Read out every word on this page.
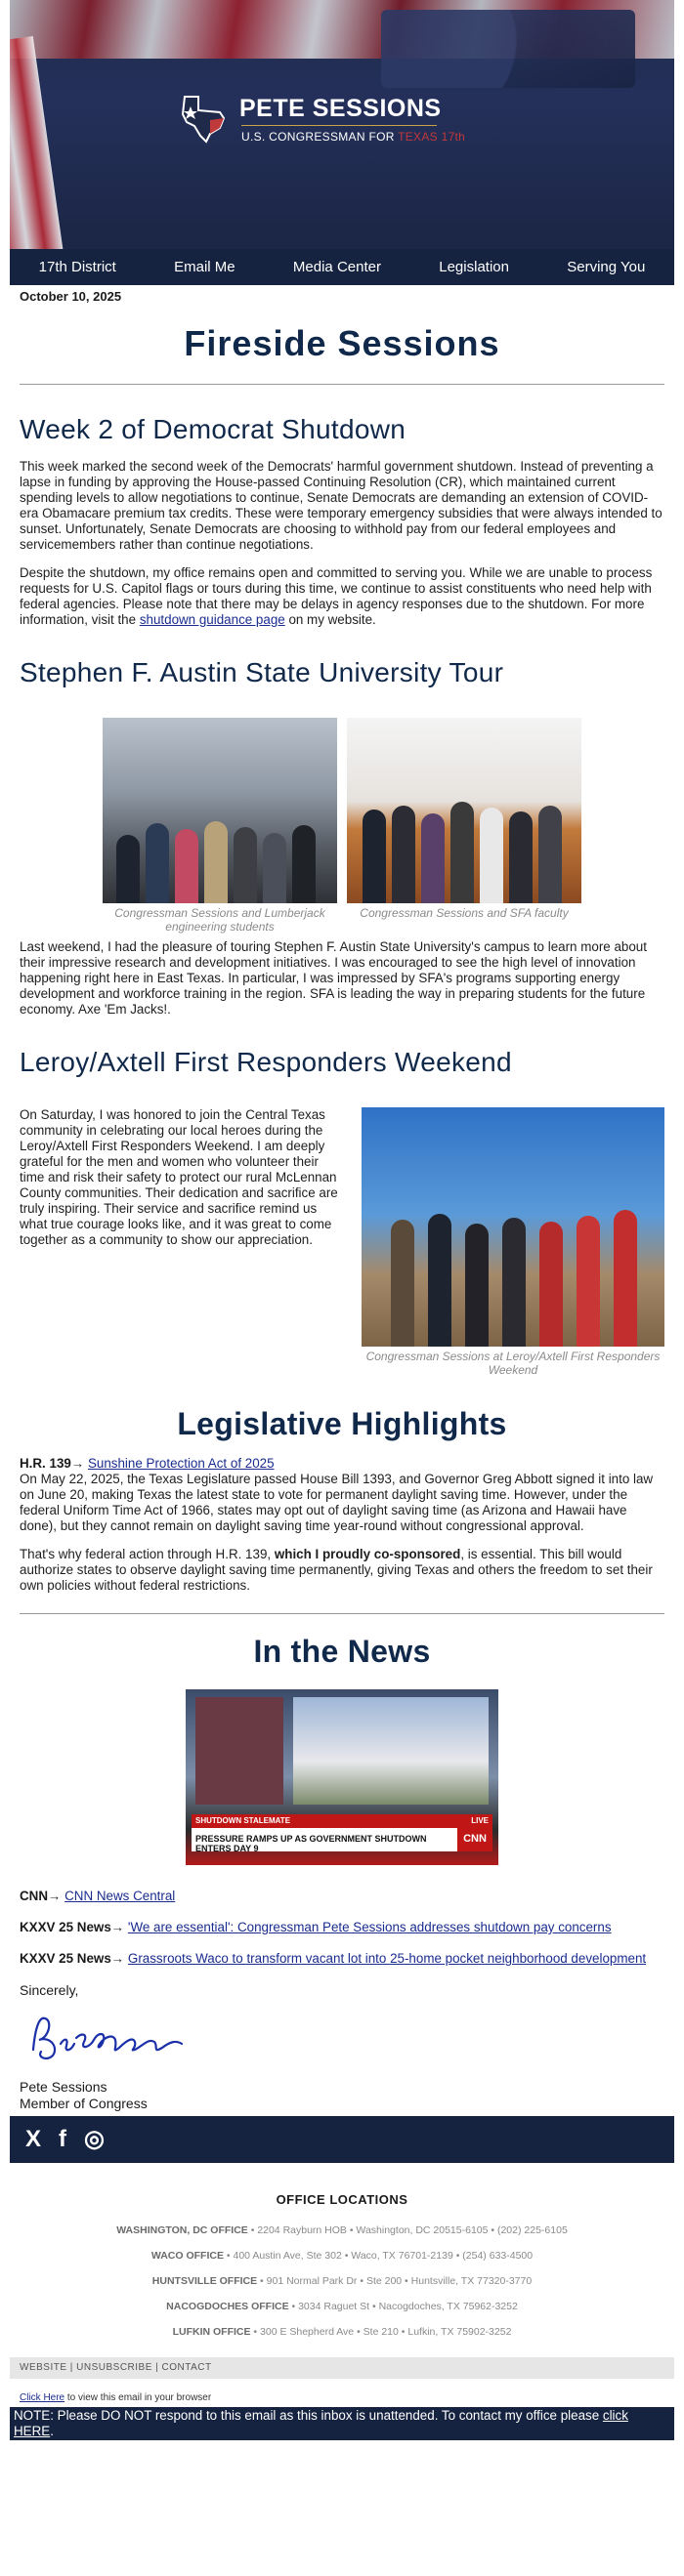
PETE SESSIONS
U.S. CONGRESSMAN FOR TEXAS 17th
17th District	Email Me	Media Center	Legislation	Serving You
October 10, 2025
Fireside Sessions
Week 2 of Democrat Shutdown

This week marked the second week of the Democrats' harmful government shutdown. Instead of preventing a lapse in funding by approving the House-passed Continuing Resolution (CR), which maintained current spending levels to allow negotiations to continue, Senate Democrats are demanding an extension of COVID-era Obamacare premium tax credits. These were temporary emergency subsidies that were always intended to sunset. Unfortunately, Senate Democrats are choosing to withhold pay from our federal employees and servicemembers rather than continue negotiations.

Despite the shutdown, my office remains open and committed to serving you. While we are unable to process requests for U.S. Capitol flags or tours during this time, we continue to assist constituents who need help with federal agencies. Please note that there may be delays in agency responses due to the shutdown. For more information, visit the shutdown guidance page on my website.

Stephen F. Austin State University Tour
Congressman Sessions and Lumberjack engineering students
Congressman Sessions and SFA faculty

Last weekend, I had the pleasure of touring Stephen F. Austin State University's campus to learn more about their impressive research and development initiatives. I was encouraged to see the high level of innovation happening right here in East Texas. In particular, I was impressed by SFA's programs supporting energy development and workforce training in the region. SFA is leading the way in preparing students for the future economy. Axe 'Em Jacks!.

Leroy/Axtell First Responders Weekend

On Saturday, I was honored to join the Central Texas community in celebrating our local heroes during the Leroy/Axtell First Responders Weekend. I am deeply grateful for the men and women who volunteer their time and risk their safety to protect our rural McLennan County communities. Their dedication and sacrifice are truly inspiring. Their service and sacrifice remind us what true courage looks like, and it was great to come together as a community to show our appreciation.

Congressman Sessions at Leroy/Axtell First Responders Weekend
Legislative Highlights
H.R. 139→ Sunshine Protection Act of 2025

On May 22, 2025, the Texas Legislature passed House Bill 1393, and Governor Greg Abbott signed it into law on June 20, making Texas the latest state to vote for permanent daylight saving time. However, under the federal Uniform Time Act of 1966, states may opt out of daylight saving time (as Arizona and Hawaii have done), but they cannot remain on daylight saving time year-round without congressional approval.

That's why federal action through H.R. 139, which I proudly co-sponsored, is essential. This bill would authorize states to observe daylight saving time permanently, giving Texas and others the freedom to set their own policies without federal restrictions.

In the News
SHUTDOWN STALEMATE	LIVE
PRESSURE RAMPS UP AS GOVERNMENT SHUTDOWN ENTERS DAY 9
CNN
CNN→ CNN News Central
KXXV 25 News→ 'We are essential': Congressman Pete Sessions addresses shutdown pay concerns
KXXV 25 News→ Grassroots Waco to transform vacant lot into 25-home pocket neighborhood development
Sincerely,
Pete Sessions
Member of Congress
X f ◎
OFFICE LOCATIONS
WASHINGTON, DC OFFICE • 2204 Rayburn HOB • Washington, DC 20515-6105 • (202) 225-6105
WACO OFFICE • 400 Austin Ave, Ste 302 • Waco, TX 76701-2139 • (254) 633-4500
HUNTSVILLE OFFICE • 901 Normal Park Dr • Ste 200 • Huntsville, TX 77320-3770
NACOGDOCHES OFFICE • 3034 Raguet St • Nacogdoches, TX 75962-3252
LUFKIN OFFICE • 300 E Shepherd Ave • Ste 210 • Lufkin, TX 75902-3252
WEBSITE | UNSUBSCRIBE | CONTACT
Click Here to view this email in your browser
NOTE: Please DO NOT respond to this email as this inbox is unattended. To contact my office please click HERE.
